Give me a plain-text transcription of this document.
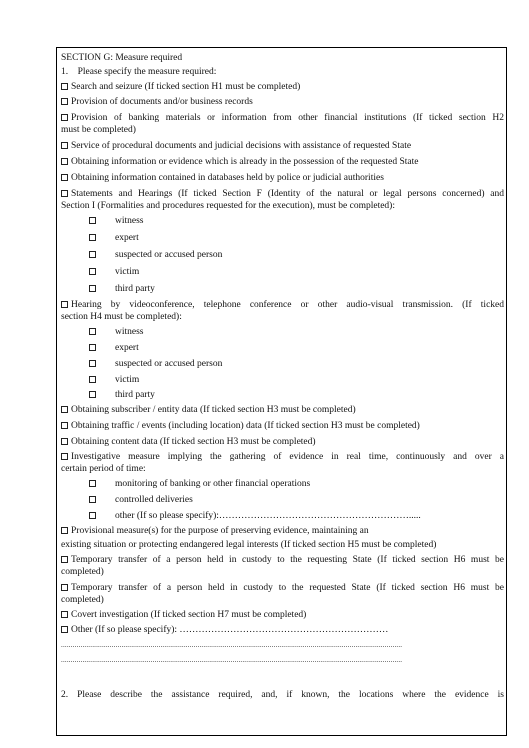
SECTION G: Measure required
1.    Please specify the measure required:
Search and seizure (If ticked section H1 must be completed)
Provision of documents and/or business records
Provision of banking materials or information from other financial institutions (If ticked section H2
must be completed)
Service of procedural documents and judicial decisions with assistance of requested State
Obtaining information or evidence which is already in the possession of the requested State
Obtaining information contained in databases held by police or judicial authorities
Statements and Hearings (If ticked Section F (Identity of the natural or legal persons concerned) and
Section I (Formalities and procedures requested for the execution), must be completed):
witness
expert
suspected or accused person
victim
third party
Hearing by videoconference, telephone conference or other audio-visual transmission. (If ticked
section H4 must be completed):
witness
expert
suspected or accused person
victim
third party
Obtaining subscriber / entity data (If ticked section H3 must be completed)
Obtaining traffic / events (including location) data (If ticked section H3 must be completed)
Obtaining content data (If ticked section H3 must be completed)
Investigative measure implying the gathering of evidence in real time, continuously and over a
certain period of time:
monitoring of banking or other financial operations
controlled deliveries
other (If so please specify):…………………………………………………….....
Provisional measure(s) for the purpose of preserving evidence, maintaining an
existing situation or protecting endangered legal interests (If ticked section H5 must be completed)
Temporary transfer of a person held in custody to the requesting State (If ticked section H6 must be
completed)
Temporary transfer of a person held in custody to the requested State (If ticked section H6 must be
completed)
Covert investigation (If ticked section H7 must be completed)
Other (If so please specify): …………………………………………………………
...............................................................................................................................................................................
...............................................................................................................................................................................
2. Please describe the assistance required, and, if known, the locations where the evidence is
